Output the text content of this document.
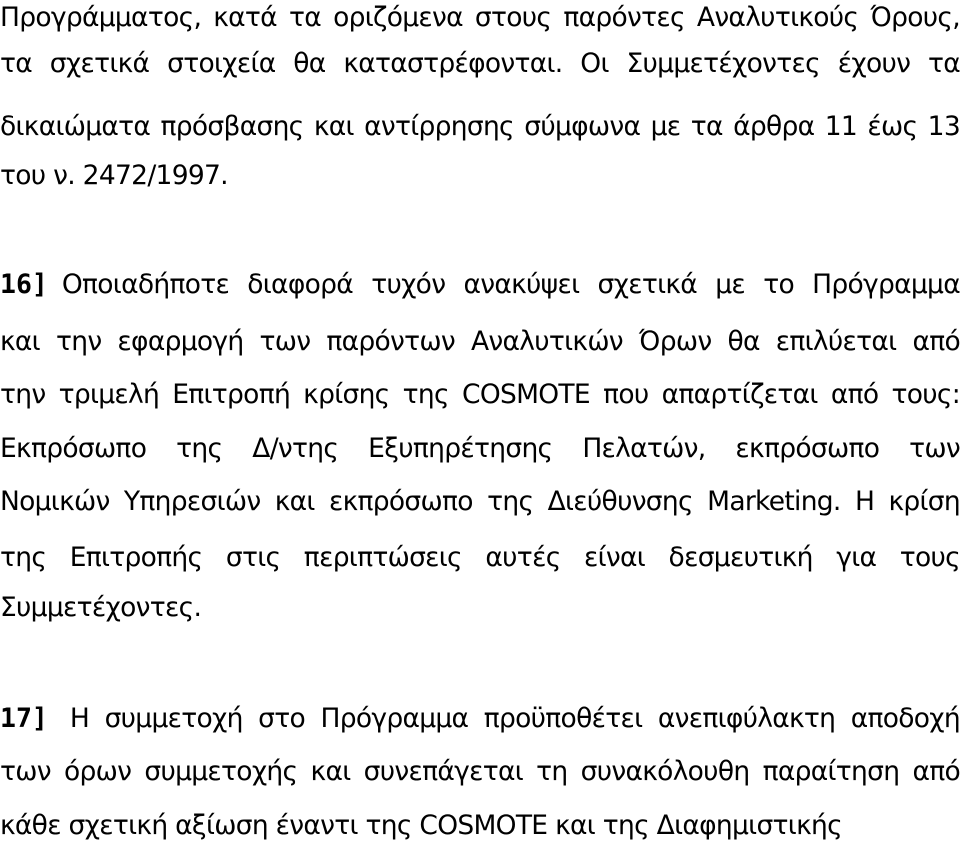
Προγράμματος, κατά τα οριζόμενα στους παρόντες Αναλυτικούς Όρους,
τα σχετικά στοιχεία θα καταστρέφονται. Οι Συμμετέχοντες έχουν τα
δικαιώματα πρόσβασης και αντίρρησης σύμφωνα με τα άρθρα 11 έως 13
του ν. 2472/1997.
16] Οποιαδήποτε διαφορά τυχόν ανακύψει σχετικά με το Πρόγραμμα
και την εφαρμογή των παρόντων Αναλυτικών Όρων θα επιλύεται από
την τριμελή Επιτροπή κρίσης της COSMOTE που απαρτίζεται από τους:
Εκπρόσωπο της Δ/ντης Εξυπηρέτησης Πελατών, εκπρόσωπο των
Νομικών Υπηρεσιών και εκπρόσωπο της Διεύθυνσης Marketing. Η κρίση
της Επιτροπής στις περιπτώσεις αυτές είναι δεσμευτική για τους
Συμμετέχοντες.
17] Η συμμετοχή στο Πρόγραμμα προϋποθέτει ανεπιφύλακτη αποδοχή
των όρων συμμετοχής και συνεπάγεται τη συνακόλουθη παραίτηση από
κάθε σχετική αξίωση έναντι της COSMOTE και της Διαφημιστικής
